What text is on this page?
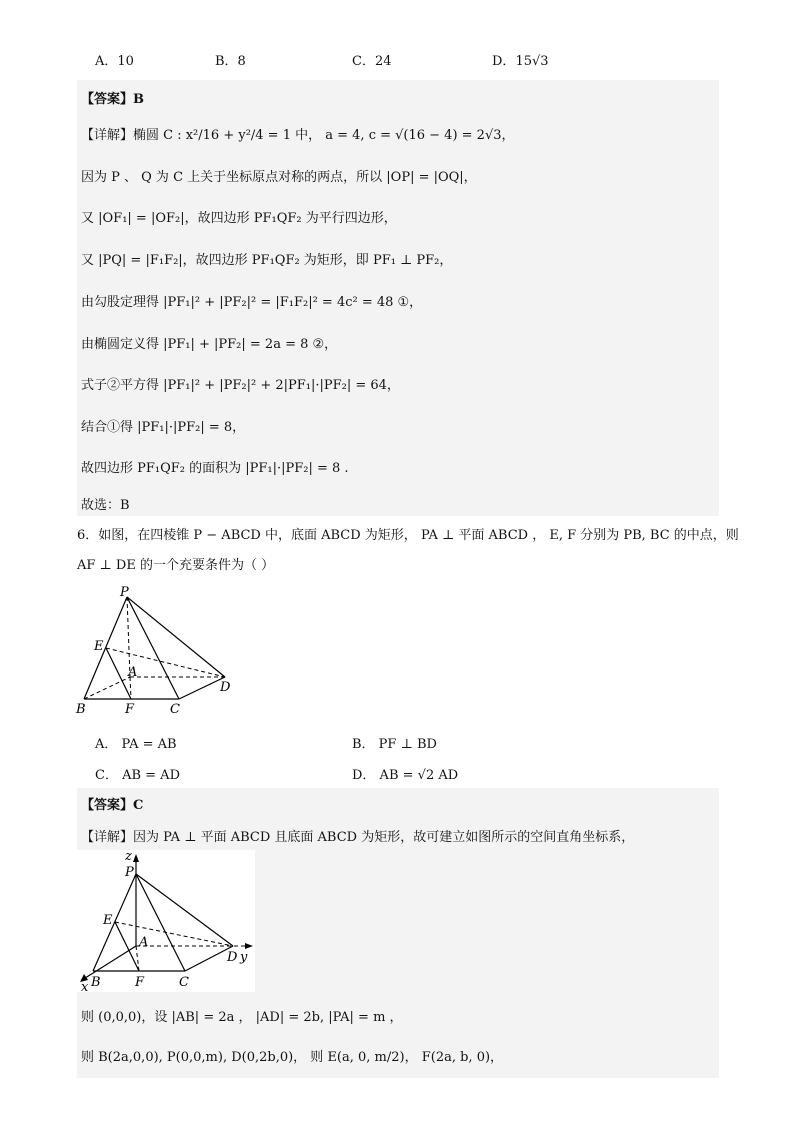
A．10	B．8	C．24	D．15√3
【答案】B
【详解】椭圆 C : x²/16 + y²/4 = 1 中， a = 4, c = √(16 − 4) = 2√3，
因为 P 、 Q 为 C 上关于坐标原点对称的两点，所以 |OP| = |OQ|，
又 |OF₁| = |OF₂|，故四边形 PF₁QF₂ 为平行四边形，
又 |PQ| = |F₁F₂|，故四边形 PF₁QF₂ 为矩形，即 PF₁ ⊥ PF₂，
由勾股定理得 |PF₁|² + |PF₂|² = |F₁F₂|² = 4c² = 48 ①，
由椭圆定义得 |PF₁| + |PF₂| = 2a = 8 ②，
式子②平方得 |PF₁|² + |PF₂|² + 2|PF₁|·|PF₂| = 64，
结合①得 |PF₁|·|PF₂| = 8，
故四边形 PF₁QF₂ 的面积为 |PF₁|·|PF₂| = 8 .
故选：B
6．如图，在四棱锥 P − ABCD 中，底面 ABCD 为矩形， PA ⊥ 平面 ABCD ， E, F 分别为 PB, BC 的中点，则
AF ⊥ DE 的一个充要条件为（ ）
P
E
A
D
B	F	C
A． PA = AB	B． PF ⊥ BD
C． AB = AD	D． AB = √2 AD
【答案】C
【详解】因为 PA ⊥ 平面 ABCD 且底面 ABCD 为矩形，故可建立如图所示的空间直角坐标系，
z
P
E
A
D y
x B	F	C
则 (0,0,0)，设 |AB| = 2a ， |AD| = 2b, |PA| = m ，
则 B(2a,0,0), P(0,0,m), D(0,2b,0)， 则 E(a, 0, m/2)， F(2a, b, 0)，
